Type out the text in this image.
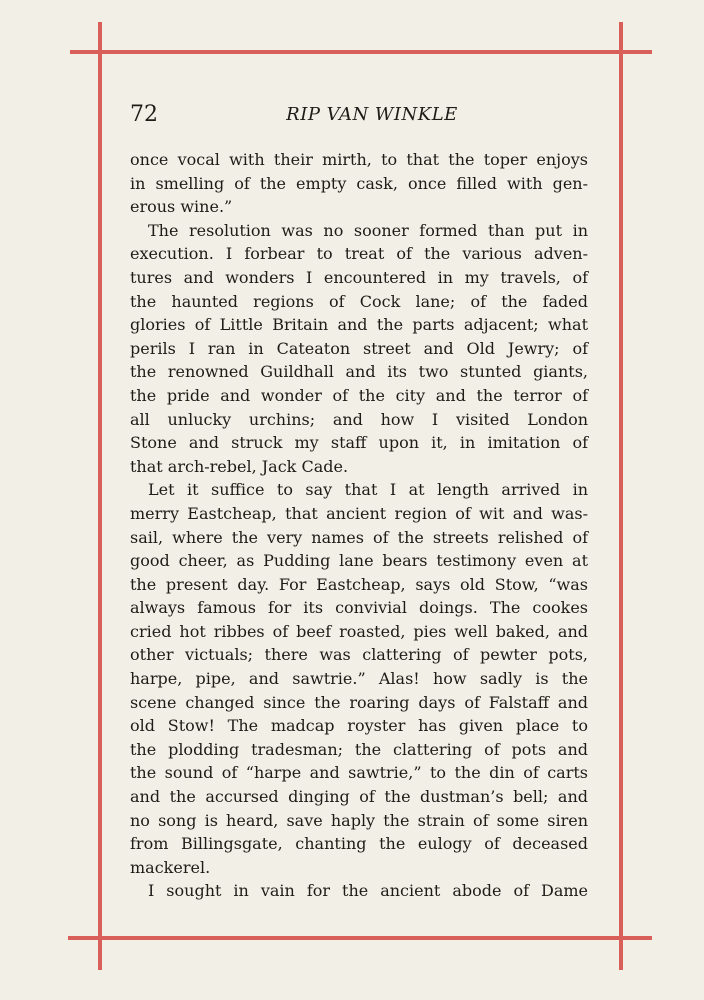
72	RIP VAN WINKLE
once vocal with their mirth, to that the toper enjoys
in smelling of the empty cask, once filled with gen-
erous wine.”
The resolution was no sooner formed than put in
execution. I forbear to treat of the various adven-
tures and wonders I encountered in my travels, of
the haunted regions of Cock lane; of the faded
glories of Little Britain and the parts adjacent; what
perils I ran in Cateaton street and Old Jewry; of
the renowned Guildhall and its two stunted giants,
the pride and wonder of the city and the terror of
all unlucky urchins; and how I visited London
Stone and struck my staff upon it, in imitation of
that arch-rebel, Jack Cade.
Let it suffice to say that I at length arrived in
merry Eastcheap, that ancient region of wit and was-
sail, where the very names of the streets relished of
good cheer, as Pudding lane bears testimony even at
the present day. For Eastcheap, says old Stow, “was
always famous for its convivial doings. The cookes
cried hot ribbes of beef roasted, pies well baked, and
other victuals; there was clattering of pewter pots,
harpe, pipe, and sawtrie.” Alas! how sadly is the
scene changed since the roaring days of Falstaff and
old Stow! The madcap royster has given place to
the plodding tradesman; the clattering of pots and
the sound of “harpe and sawtrie,” to the din of carts
and the accursed dinging of the dustman’s bell; and
no song is heard, save haply the strain of some siren
from Billingsgate, chanting the eulogy of deceased
mackerel.
I sought in vain for the ancient abode of Dame
